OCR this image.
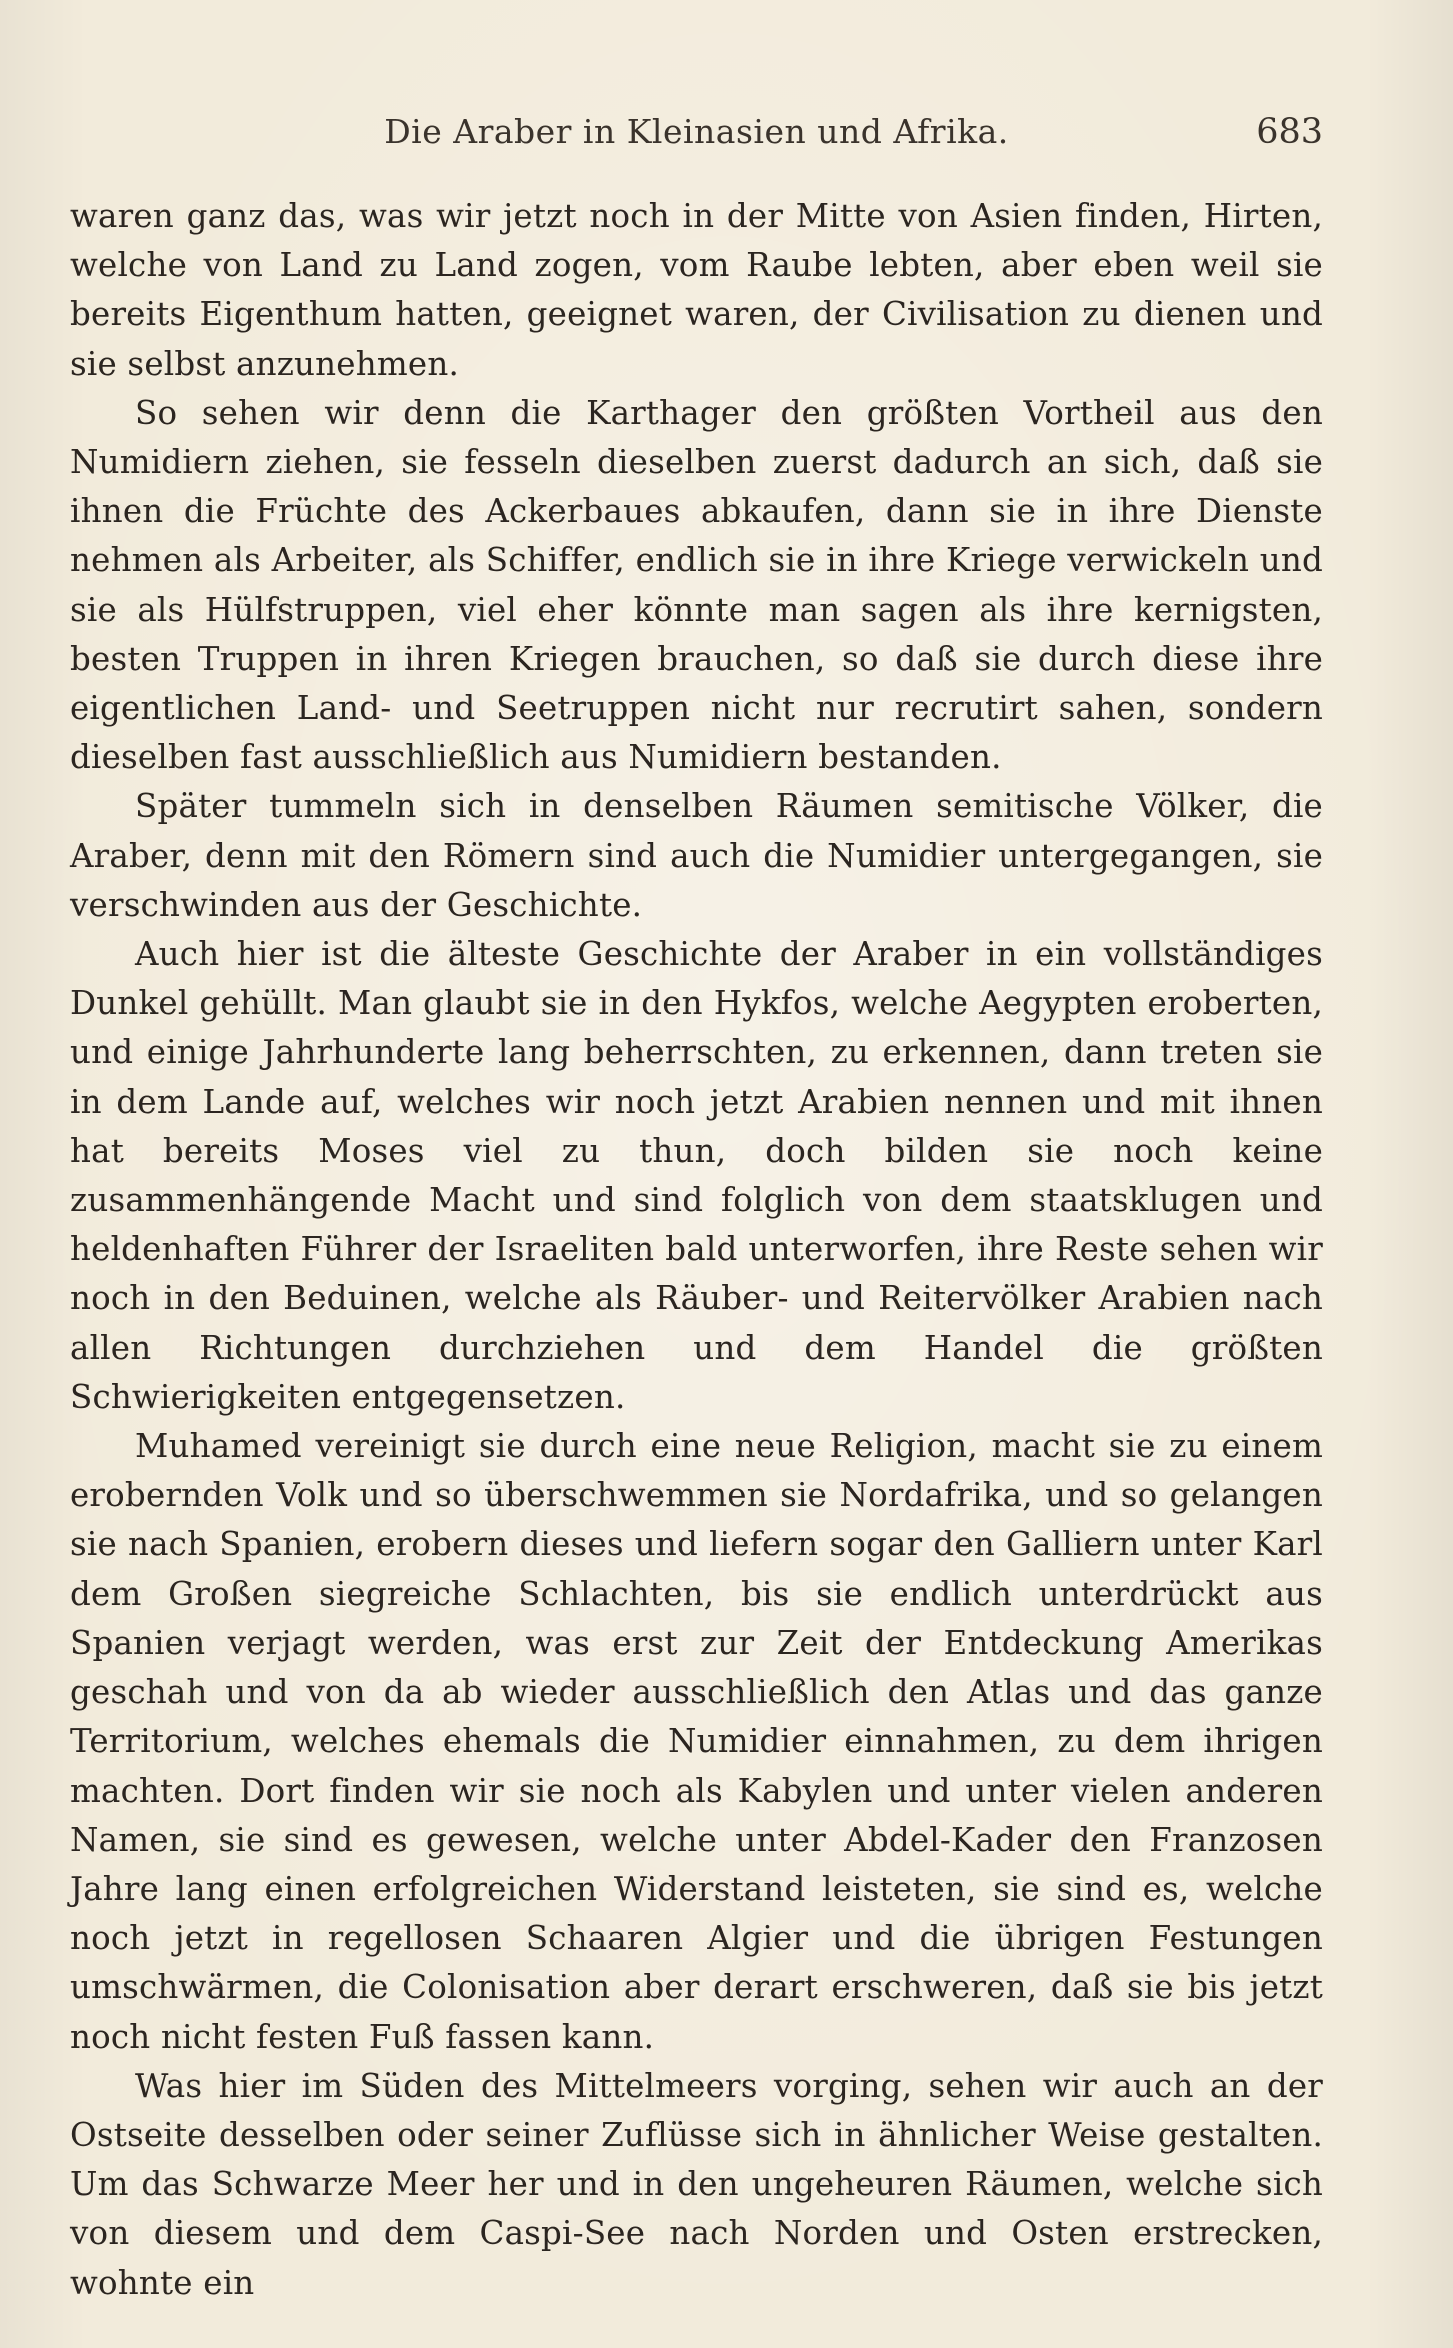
Die Araber in Kleinasien und Afrika.	683

waren ganz das, was wir jetzt noch in der Mitte von Asien finden, Hirten, welche von Land zu Land zogen, vom Raube lebten, aber eben weil sie bereits Eigenthum hatten, geeignet waren, der Civilisation zu dienen und sie selbst anzunehmen.

So sehen wir denn die Karthager den größten Vortheil aus den Numidiern ziehen, sie fesseln dieselben zuerst dadurch an sich, daß sie ihnen die Früchte des Ackerbaues abkaufen, dann sie in ihre Dienste nehmen als Arbeiter, als Schiffer, endlich sie in ihre Kriege verwickeln und sie als Hülfstruppen, viel eher könnte man sagen als ihre kernigsten, besten Truppen in ihren Kriegen brauchen, so daß sie durch diese ihre eigentlichen Land- und Seetruppen nicht nur recrutirt sahen, sondern dieselben fast ausschließlich aus Numidiern bestanden.

Später tummeln sich in denselben Räumen semitische Völker, die Araber, denn mit den Römern sind auch die Numidier untergegangen, sie verschwinden aus der Geschichte.

Auch hier ist die älteste Geschichte der Araber in ein vollständiges Dunkel gehüllt. Man glaubt sie in den Hykfos, welche Aegypten eroberten, und einige Jahrhunderte lang beherrschten, zu erkennen, dann treten sie in dem Lande auf, welches wir noch jetzt Arabien nennen und mit ihnen hat bereits Moses viel zu thun, doch bilden sie noch keine zusammenhängende Macht und sind folglich von dem staatsklugen und heldenhaften Führer der Israeliten bald unterworfen, ihre Reste sehen wir noch in den Beduinen, welche als Räuber- und Reitervölker Arabien nach allen Richtungen durchziehen und dem Handel die größten Schwierigkeiten entgegensetzen.

Muhamed vereinigt sie durch eine neue Religion, macht sie zu einem erobernden Volk und so überschwemmen sie Nordafrika, und so gelangen sie nach Spanien, erobern dieses und liefern sogar den Galliern unter Karl dem Großen siegreiche Schlachten, bis sie endlich unterdrückt aus Spanien verjagt werden, was erst zur Zeit der Entdeckung Amerikas geschah und von da ab wieder ausschließlich den Atlas und das ganze Territorium, welches ehemals die Numidier einnahmen, zu dem ihrigen machten. Dort finden wir sie noch als Kabylen und unter vielen anderen Namen, sie sind es gewesen, welche unter Abdel-Kader den Franzosen Jahre lang einen erfolgreichen Widerstand leisteten, sie sind es, welche noch jetzt in regellosen Schaaren Algier und die übrigen Festungen umschwärmen, die Colonisation aber derart erschweren, daß sie bis jetzt noch nicht festen Fuß fassen kann.

Was hier im Süden des Mittelmeers vorging, sehen wir auch an der Ostseite desselben oder seiner Zuflüsse sich in ähnlicher Weise gestalten. Um das Schwarze Meer her und in den ungeheuren Räumen, welche sich von diesem und dem Caspi-See nach Norden und Osten erstrecken, wohnte ein
